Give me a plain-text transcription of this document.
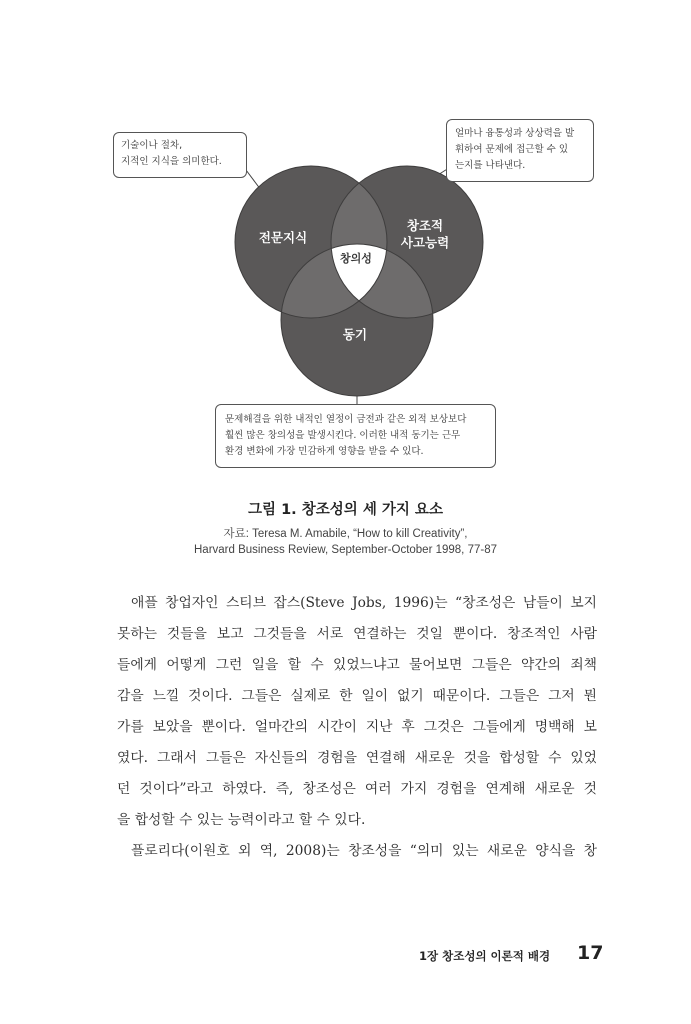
전문지식
창조적
사고능력
창의성
동기
기술이나 절차,
지적인 지식을 의미한다.
얼마나 융통성과 상상력을 발
휘하여 문제에 접근할 수 있
는지를 나타낸다.
문제해결을 위한 내적인 열정이 금전과 같은 외적 보상보다
훨씬 많은 창의성을 발생시킨다. 이러한 내적 동기는 근무
환경 변화에 가장 민감하게 영향을 받을 수 있다.
그림 1. 창조성의 세 가지 요소
자료: Teresa M. Amabile, “How to kill Creativity”,
Harvard Business Review, September-October 1998, 77-87
애플 창업자인 스티브 잡스(Steve Jobs, 1996)는 “창조성은 남들이 보지
못하는 것들을 보고 그것들을 서로 연결하는 것일 뿐이다. 창조적인 사람
들에게 어떻게 그런 일을 할 수 있었느냐고 물어보면 그들은 약간의 죄책
감을 느낄 것이다. 그들은 실제로 한 일이 없기 때문이다. 그들은 그저 뭔
가를 보았을 뿐이다. 얼마간의 시간이 지난 후 그것은 그들에게 명백해 보
였다. 그래서 그들은 자신들의 경험을 연결해 새로운 것을 합성할 수 있었
던 것이다”라고 하였다. 즉, 창조성은 여러 가지 경험을 연계해 새로운 것
을 합성할 수 있는 능력이라고 할 수 있다.
플로리다(이원호 외 역, 2008)는 창조성을 “의미 있는 새로운 양식을 창
1장 창조성의 이론적 배경 17
